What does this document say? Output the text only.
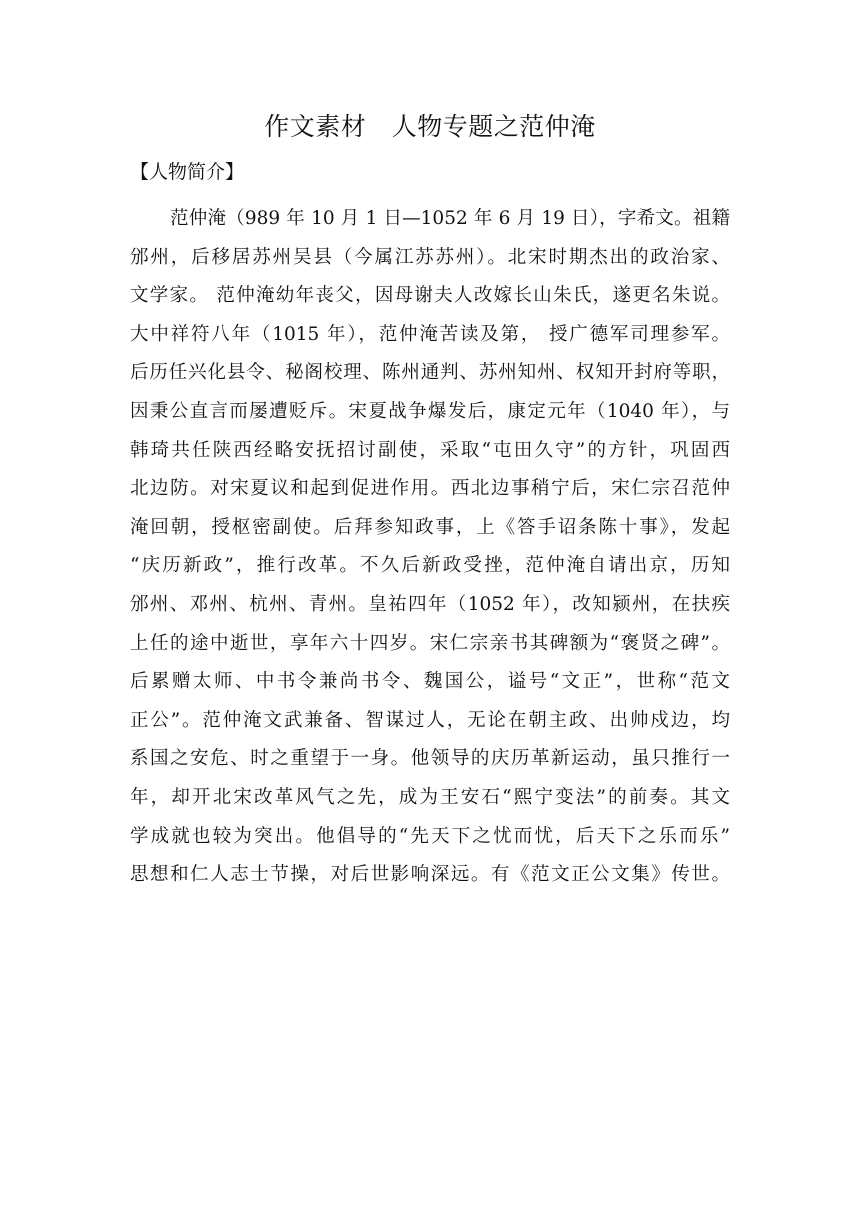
作文素材　人物专题之范仲淹
【人物简介】
范仲淹（989 年 10 月 1 日—1052 年 6 月 19 日），字希文。祖籍
邠州，后移居苏州吴县（今属江苏苏州）。北宋时期杰出的政治家、
文学家。 范仲淹幼年丧父，因母谢夫人改嫁长山朱氏，遂更名朱说。
大中祥符八年（1015 年），范仲淹苦读及第， 授广德军司理参军。
后历任兴化县令、秘阁校理、陈州通判、苏州知州、权知开封府等职，
因秉公直言而屡遭贬斥。宋夏战争爆发后，康定元年（1040 年），与
韩琦共任陕西经略安抚招讨副使，采取“屯田久守”的方针，巩固西
北边防。对宋夏议和起到促进作用。西北边事稍宁后，宋仁宗召范仲
淹回朝，授枢密副使。后拜参知政事，上《答手诏条陈十事》，发起
“庆历新政”，推行改革。不久后新政受挫，范仲淹自请出京，历知
邠州、邓州、杭州、青州。皇祐四年（1052 年），改知颍州，在扶疾
上任的途中逝世，享年六十四岁。宋仁宗亲书其碑额为“褒贤之碑”。
后累赠太师、中书令兼尚书令、魏国公，谥号“文正”，世称“范文
正公”。范仲淹文武兼备、智谋过人，无论在朝主政、出帅戍边，均
系国之安危、时之重望于一身。他领导的庆历革新运动，虽只推行一
年，却开北宋改革风气之先，成为王安石“熙宁变法”的前奏。其文
学成就也较为突出。他倡导的“先天下之忧而忧，后天下之乐而乐”
思想和仁人志士节操，对后世影响深远。有《范文正公文集》传世。
